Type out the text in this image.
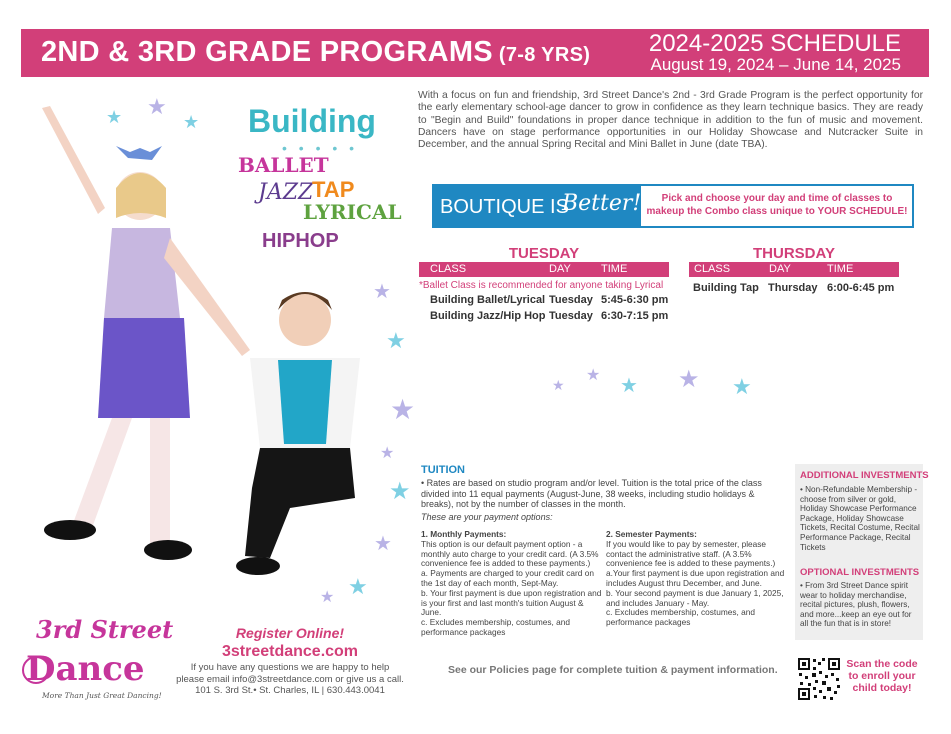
2ND & 3RD GRADE PROGRAMS (7-8 YRS) 2024-2025 SCHEDULE
August 19, 2024 – June 14, 2025
★
★	★
★
★
★
★
★
★
★
★
★
★ ★ ★ ★
Building
• • • • •
BALLET
JAZZ
TAP
LYRICAL
HIPHOP
With a focus on fun and friendship, 3rd Street Dance's 2nd - 3rd Grade Program is the perfect opportunity for the early elementary school-age dancer to grow in confidence as they learn technique basics. They are ready to "Begin and Build" foundations in proper dance technique in addition to the fun of music and movement. Dancers have on stage performance opportunities in our Holiday Showcase and Nutcracker Suite in December, and the annual Spring Recital and Mini Ballet in June (date TBA).
BOUTIQUE IS
Better!	Pick and choose your day and time of classes to
makeup the Combo class unique to YOUR SCHEDULE!
TUESDAY
CLASS	DAY	TIME
*Ballet Class is recommended for anyone taking Lyrical
Building Ballet/Lyrical Tuesday 5:45-6:30 pm
Building Jazz/Hip Hop Tuesday 6:30-7:15 pm
THURSDAY
CLASS	DAY	TIME
Building Tap Thursday 6:00-6:45 pm
TUITION
• Rates are based on studio program and/or level. Tuition is the total price of the class divided into 11 equal payments (August-June, 38 weeks, including studio holidays & breaks), not by the number of classes in the month.
These are your payment options:
1. Monthly Payments:
This option is our default payment option - a monthly auto charge to your credit card. (A 3.5% convenience fee is added to these payments.)
a. Payments are charged to your credit card on the 1st day of each month, Sept-May.
b. Your first payment is due upon registration and is your first and last month's tuition August & June.
c. Excludes membership, costumes, and performance packages
2. Semester Payments:
If you would like to pay by semester, please contact the administrative staff. (A 3.5% convenience fee is added to these payments.)
a.Your first payment is due upon registration and includes August thru December, and June.
b. Your second payment is due January 1, 2025, and includes January - May.
c. Excludes membership, costumes, and performance packages
See our Policies page for complete tuition & payment information.
ADDITIONAL INVESTMENTS
• Non-Refundable Membership - choose from silver or gold, Holiday Showcase Performance Package, Holiday Showcase Tickets, Recital Costume, Recital Performance Package, Recital Tickets
OPTIONAL INVESTMENTS
• From 3rd Street Dance spirit wear to holiday merchandise, recital pictures, plush, flowers, and more...keep an eye out for all the fun that is in store!
Scan the code
to enroll your
child today!
3rd Street
Dance
More Than Just Great Dancing!
Register Online!
3streetdance.com
If you have any questions we are happy to help
please email info@3streetdance.com or give us a call.
101 S. 3rd St.• St. Charles, IL | 630.443.0041
